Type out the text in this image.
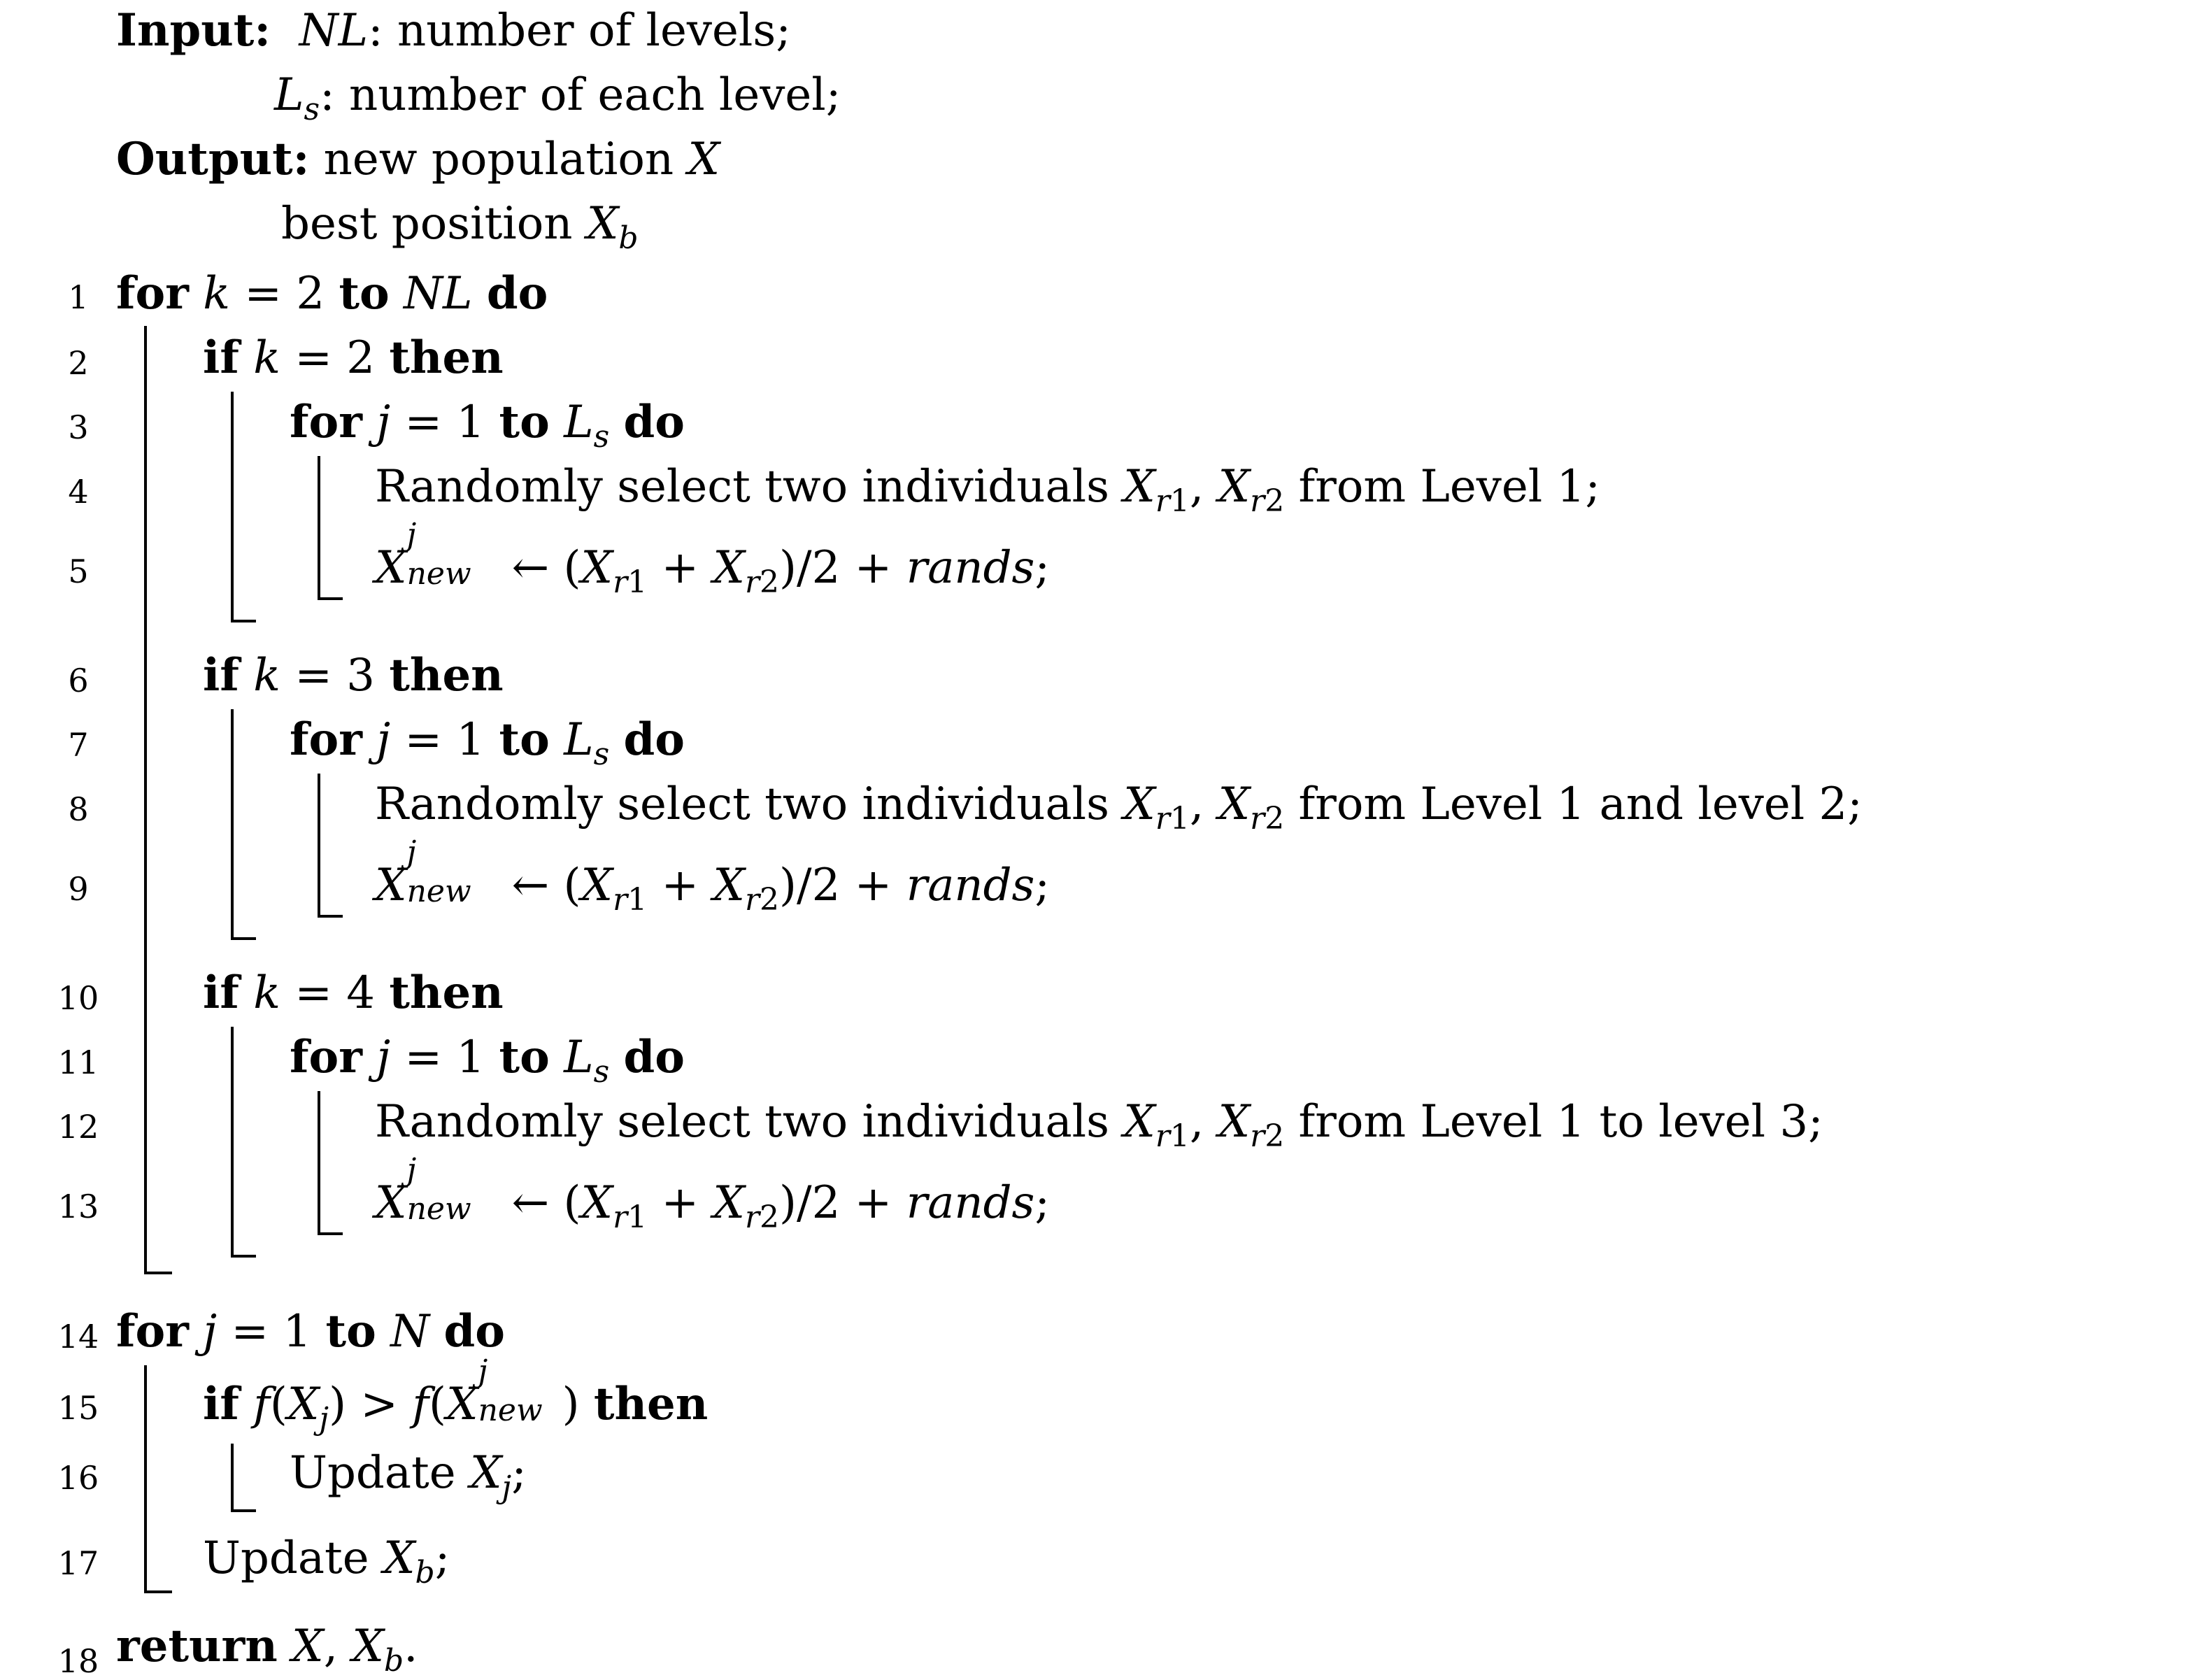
Input: NL: number of levels;
$L_s$: number of each level;
Output: new population X
best position $X_b$
1
2
3
4
5
6
7
8
9
10
11
12
13
14
15
16
17
18
for k = 2 to NL do
if k = 2 then
for j = 1 to $L_s$ do
Randomly select two individuals $X_{r1}$, $X_{r2}$ from Level 1;
X
j
new ← $(X_{r1} + X_{r2})/2$ + rands;
if k = 3 then
for j = 1 to $L_s$ do
Randomly select two individuals $X_{r1}$, $X_{r2}$ from Level 1 and level 2;
X
j
new ← $(X_{r1} + X_{r2})/2$ + rands;
if k = 4 then
for j = 1 to $L_s$ do
Randomly select two individuals $X_{r1}$, $X_{r2}$ from Level 1 to level 3;
X
j
new ← $(X_{r1} + X_{r2})/2$ + rands;
for j = 1 to N do
if $f(X_j) > f(X$
j
new ) then
Update $X_j$;
Update $X_b$;
return X, $X_b$.
